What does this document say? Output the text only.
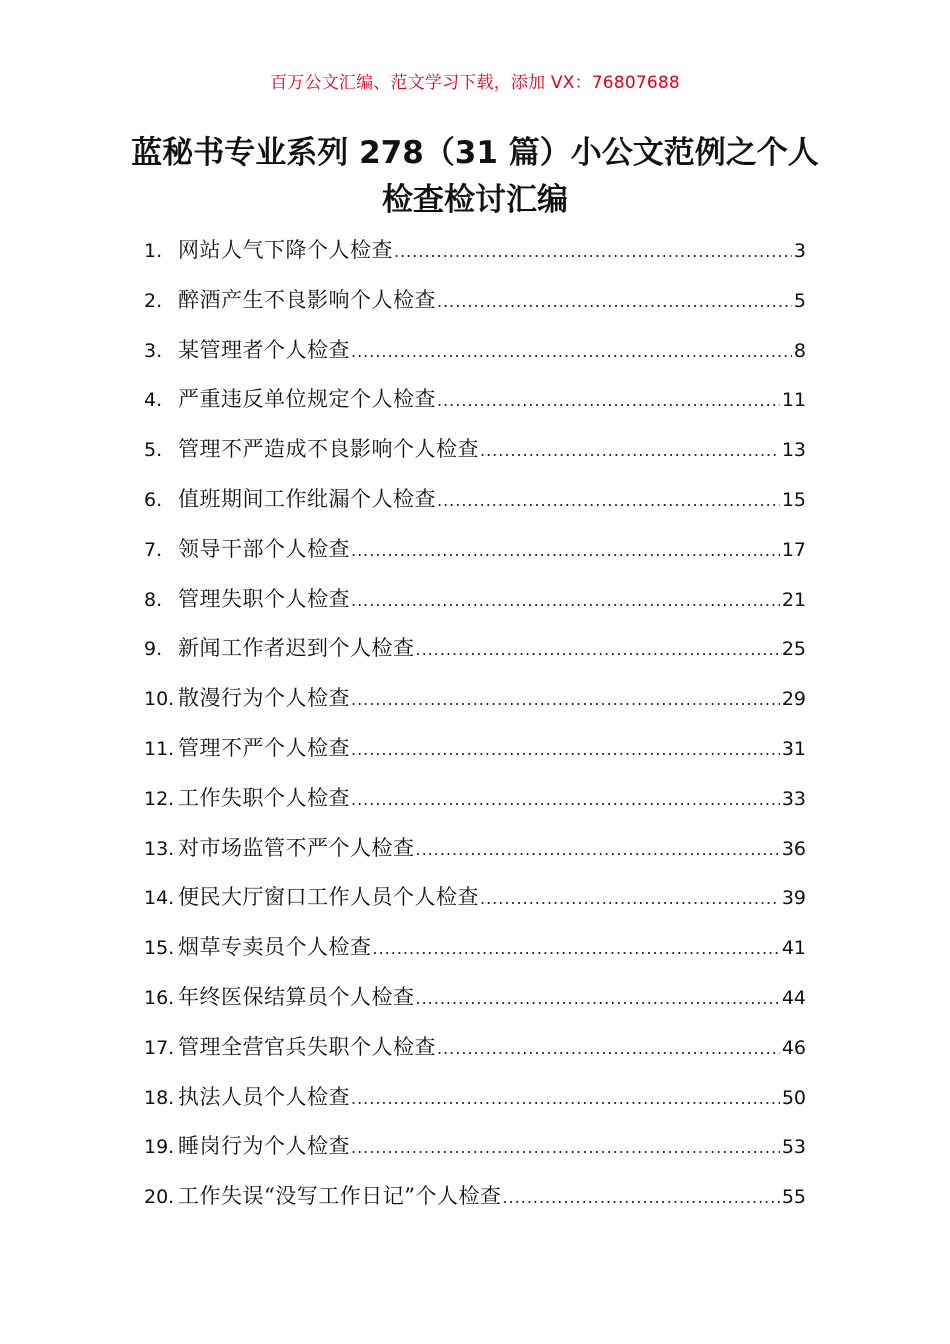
百万公文汇编、范文学习下载，添加 VX：76807688
蓝秘书专业系列 278（31 篇）小公文范例之个人检查检讨汇编
1. 网站人气下降个人检查 .....	3
2. 醉酒产生不良影响个人检查 .....	5
3. 某管理者个人检查 .....	8
4. 严重违反单位规定个人检查 .....	11
5. 管理不严造成不良影响个人检查 .....	13
6. 值班期间工作纰漏个人检查 .....	15
7. 领导干部个人检查 .....	17
8. 管理失职个人检查 .....	21
9. 新闻工作者迟到个人检查 .....	25
10. 散漫行为个人检查 .....	29
11. 管理不严个人检查 .....	31
12. 工作失职个人检查 .....	33
13. 对市场监管不严个人检查 .....	36
14. 便民大厅窗口工作人员个人检查 .....	39
15. 烟草专卖员个人检查 .....	41
16. 年终医保结算员个人检查 .....	44
17. 管理全营官兵失职个人检查 .....	46
18. 执法人员个人检查 .....	50
19. 睡岗行为个人检查 .....	53
20. 工作失误“没写工作日记”个人检查 .....	55
